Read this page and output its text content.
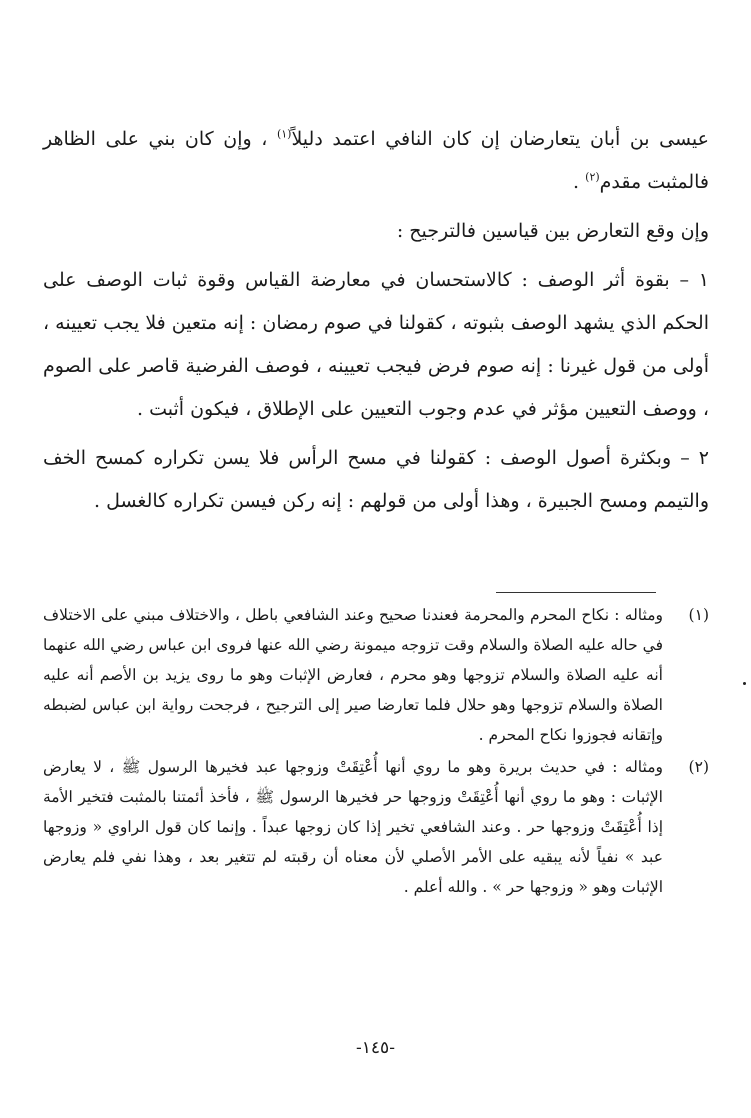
عيسى بن أبان يتعارضان إن كان النافي اعتمد دليلاً$^{(١)}$ ، وإن كان بني على الظاهر فالمثبت مقدم$^{(٢)}$ .

وإن وقع التعارض بين قياسين فالترجيح :

١ – بقوة أثر الوصف : كالاستحسان في معارضة القياس وقوة ثبات الوصف على الحكم الذي يشهد الوصف بثبوته ، كقولنا في صوم رمضان : إنه متعين فلا يجب تعيينه ، أولى من قول غيرنا : إنه صوم فرض فيجب تعيينه ، فوصف الفرضية قاصر على الصوم ، ووصف التعيين مؤثر في عدم وجوب التعيين على الإطلاق ، فيكون أثبت .

٢ – وبكثرة أصول الوصف : كقولنا في مسح الرأس فلا يسن تكراره كمسح الخف والتيمم ومسح الجبيرة ، وهذا أولى من قولهم : إنه ركن فيسن تكراره كالغسل .

(١)
ومثاله : نكاح المحرم والمحرمة فعندنا صحيح وعند الشافعي باطل ، والاختلاف مبني على الاختلاف في حاله عليه الصلاة والسلام وقت تزوجه ميمونة رضي الله عنها فروى ابن عباس رضي الله عنهما أنه عليه الصلاة والسلام تزوجها وهو محرم ، فعارض الإثبات وهو ما روى يزيد بن الأصم أنه عليه الصلاة والسلام تزوجها وهو حلال فلما تعارضا صير إلى الترجيح ، فرجحت رواية ابن عباس لضبطه وإتقانه فجوزوا نكاح المحرم .

(٢)
ومثاله : في حديث بريرة وهو ما روي أنها أُعْتِقَتْ وزوجها عبد فخيرها الرسول ﷺ ، لا يعارض الإثبات : وهو ما روي أنها أُعْتِقَتْ وزوجها حر فخيرها الرسول ﷺ ، فأخذ أئمتنا بالمثبت فتخير الأمة إذا أُعْتِقَتْ وزوجها حر . وعند الشافعي تخير إذا كان زوجها عبداً . وإنما كان قول الراوي « وزوجها عبد » نفياً لأنه يبقيه على الأمر الأصلي لأن معناه أن رقبته لم تتغير بعد ، وهذا نفي فلم يعارض الإثبات وهو « وزوجها حر » . والله أعلم .

-١٤٥-
